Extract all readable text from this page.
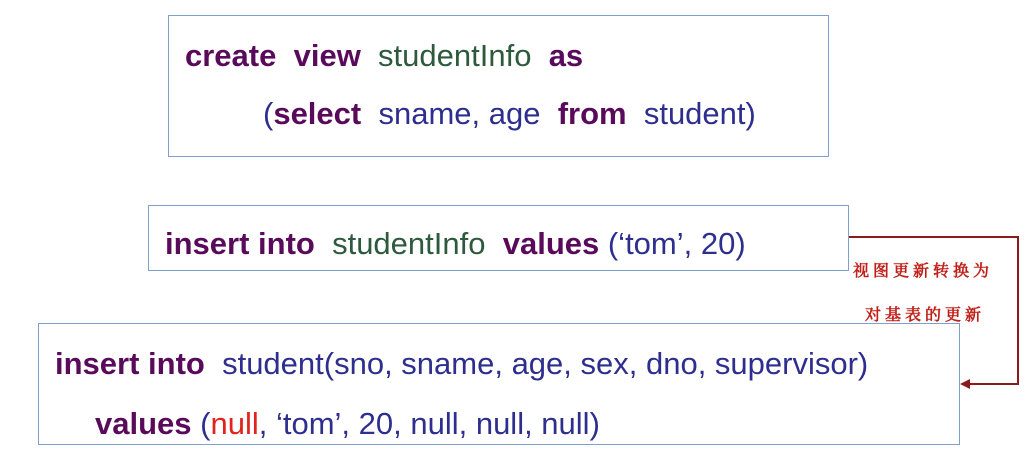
create view studentInfo as
(select sname, age from student)
insert into studentInfo values (‘tom’, 20)
insert into student(sno, sname, age, sex, dno, supervisor)
values (null, ‘tom’, 20, null, null, null)
视图更新转换为
对基表的更新
